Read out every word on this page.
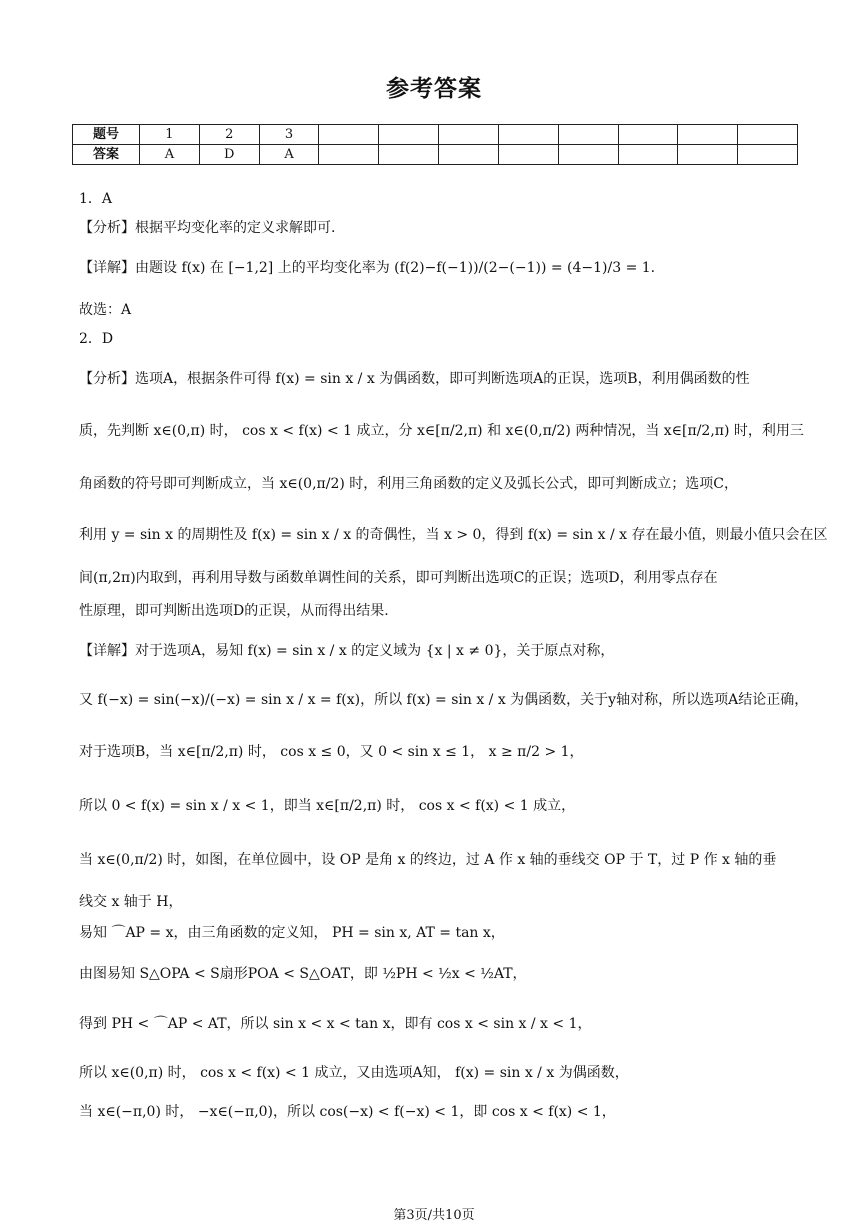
参考答案
题号	1	2	3								
答案	A	D	A								
1．A
【分析】根据平均变化率的定义求解即可.
【详解】由题设 f(x) 在 [−1,2] 上的平均变化率为 (f(2)−f(−1))/(2−(−1)) = (4−1)/3 = 1.
故选：A
2．D
【分析】选项A，根据条件可得 f(x) = sin x / x 为偶函数，即可判断选项A的正误，选项B，利用偶函数的性
质，先判断 x∈(0,π) 时， cos x < f(x) < 1 成立，分 x∈[π/2,π) 和 x∈(0,π/2) 两种情况，当 x∈[π/2,π) 时，利用三
角函数的符号即可判断成立，当 x∈(0,π/2) 时，利用三角函数的定义及弧长公式，即可判断成立；选项C，
利用 y = sin x 的周期性及 f(x) = sin x / x 的奇偶性，当 x > 0，得到 f(x) = sin x / x 存在最小值，则最小值只会在区
间(π,2π)内取到，再利用导数与函数单调性间的关系，即可判断出选项C的正误；选项D，利用零点存在
性原理，即可判断出选项D的正误，从而得出结果.
【详解】对于选项A，易知 f(x) = sin x / x 的定义域为 {x | x ≠ 0}，关于原点对称，
又 f(−x) = sin(−x)/(−x) = sin x / x = f(x)，所以 f(x) = sin x / x 为偶函数，关于y轴对称，所以选项A结论正确，
对于选项B，当 x∈[π/2,π) 时， cos x ≤ 0，又 0 < sin x ≤ 1， x ≥ π/2 > 1，
所以 0 < f(x) = sin x / x < 1，即当 x∈[π/2,π) 时， cos x < f(x) < 1 成立，
当 x∈(0,π/2) 时，如图，在单位圆中，设 OP 是角 x 的终边，过 A 作 x 轴的垂线交 OP 于 T，过 P 作 x 轴的垂
线交 x 轴于 H，
易知 ⌒AP = x，由三角函数的定义知， PH = sin x, AT = tan x，
由图易知 S△OPA < S扇形POA < S△OAT，即 ½PH < ½x < ½AT，
得到 PH < ⌒AP < AT，所以 sin x < x < tan x，即有 cos x < sin x / x < 1，
所以 x∈(0,π) 时， cos x < f(x) < 1 成立，又由选项A知， f(x) = sin x / x 为偶函数，
当 x∈(−π,0) 时， −x∈(−π,0)，所以 cos(−x) < f(−x) < 1，即 cos x < f(x) < 1，
第3页/共10页
